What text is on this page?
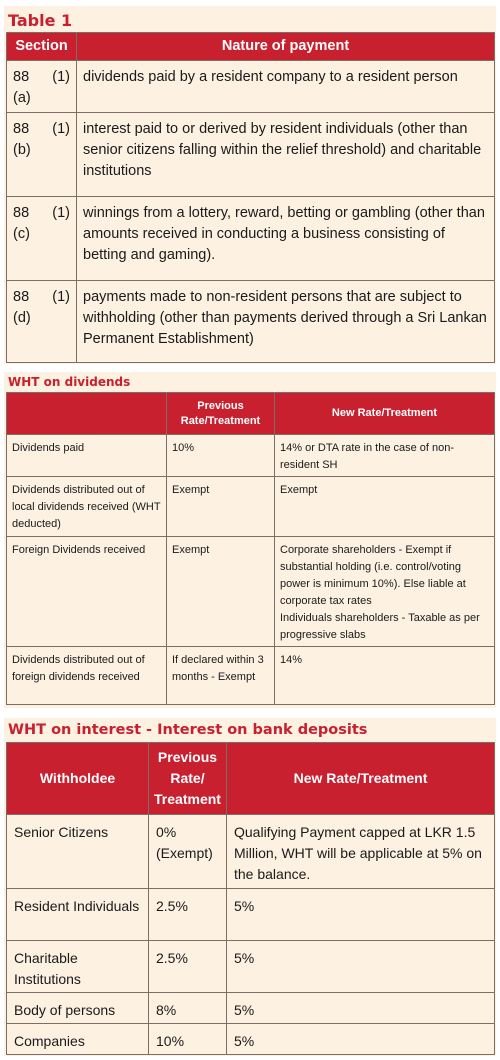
Table 1
Section	Nature of payment

88 (1)
(a)	dividends paid by a resident company to a resident person

88 (1)
(b)	interest paid to or derived by resident individuals (other than senior citizens falling within the relief threshold) and charitable institutions

88 (1)
(c)	winnings from a lottery, reward, betting or gambling (other than amounts received in conducting a business consisting of betting and gaming).

88 (1)
(d)	payments made to non-resident persons that are subject to withholding (other than payments derived through a Sri Lankan Permanent Establishment)
WHT on dividends
	Previous Rate/Treatment	New Rate/Treatment
Dividends paid	10%	14% or DTA rate in the case of non-resident SH
Dividends distributed out of local dividends received (WHT deducted)	Exempt	Exempt
Foreign Dividends received	Exempt	Corporate shareholders - Exempt if substantial holding (i.e. control/voting power is minimum 10%). Else liable at corporate tax rates
Individuals shareholders - Taxable as per progressive slabs

Dividends distributed out of foreign dividends received	If declared within 3 months - Exempt	14%
WHT on interest - Interest on bank deposits
Withholdee	Previous Rate/ Treatment	New Rate/Treatment
Senior Citizens	0% (Exempt)	Qualifying Payment capped at LKR 1.5 Million, WHT will be applicable at 5% on the balance.
Resident Individuals	2.5%	5%
Charitable Institutions	2.5%	5%
Body of persons	8%	5%
Companies	10%	5%
